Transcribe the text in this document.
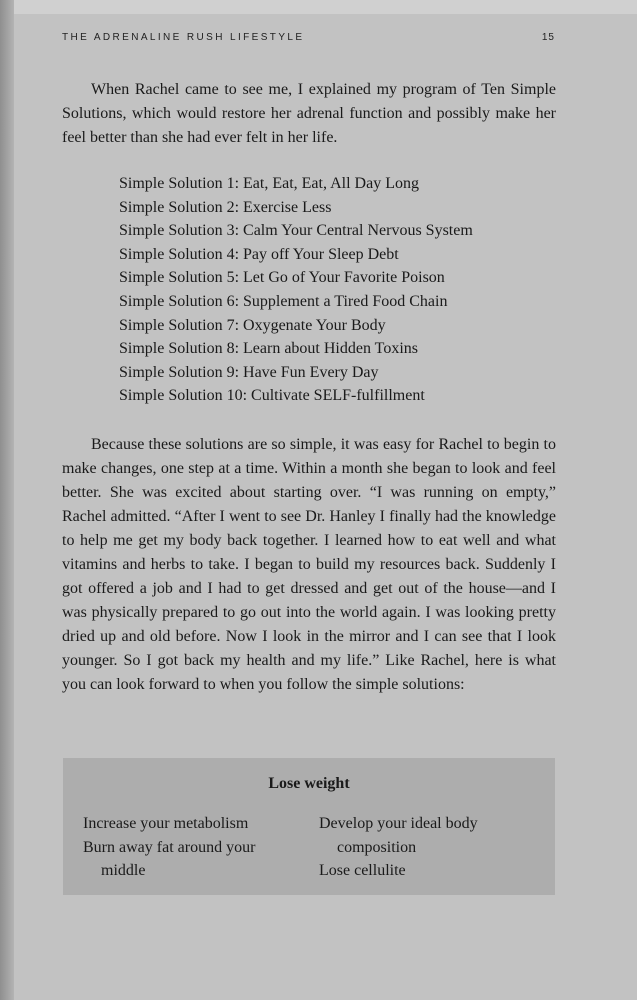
THE ADRENALINE RUSH LIFESTYLE	15

When Rachel came to see me, I explained my program of Ten Simple Solutions, which would restore her adrenal function and possibly make her feel better than she had ever felt in her life.

Simple Solution 1: Eat, Eat, Eat, All Day Long
Simple Solution 2: Exercise Less
Simple Solution 3: Calm Your Central Nervous System
Simple Solution 4: Pay off Your Sleep Debt
Simple Solution 5: Let Go of Your Favorite Poison
Simple Solution 6: Supplement a Tired Food Chain
Simple Solution 7: Oxygenate Your Body
Simple Solution 8: Learn about Hidden Toxins
Simple Solution 9: Have Fun Every Day
Simple Solution 10: Cultivate SELF-fulfillment

Because these solutions are so simple, it was easy for Rachel to begin to make changes, one step at a time. Within a month she began to look and feel better. She was excited about starting over. “I was running on empty,” Rachel admitted. “After I went to see Dr. Hanley I finally had the knowledge to help me get my body back together. I learned how to eat well and what vitamins and herbs to take. I began to build my resources back. Suddenly I got offered a job and I had to get dressed and get out of the house—and I was physically prepared to go out into the world again. I was looking pretty dried up and old before. Now I look in the mirror and I can see that I look younger. So I got back my health and my life.” Like Rachel, here is what you can look forward to when you follow the simple solutions:

Lose weight
Increase your metabolism
Burn away fat around your middle
Develop your ideal body composition
Lose cellulite
